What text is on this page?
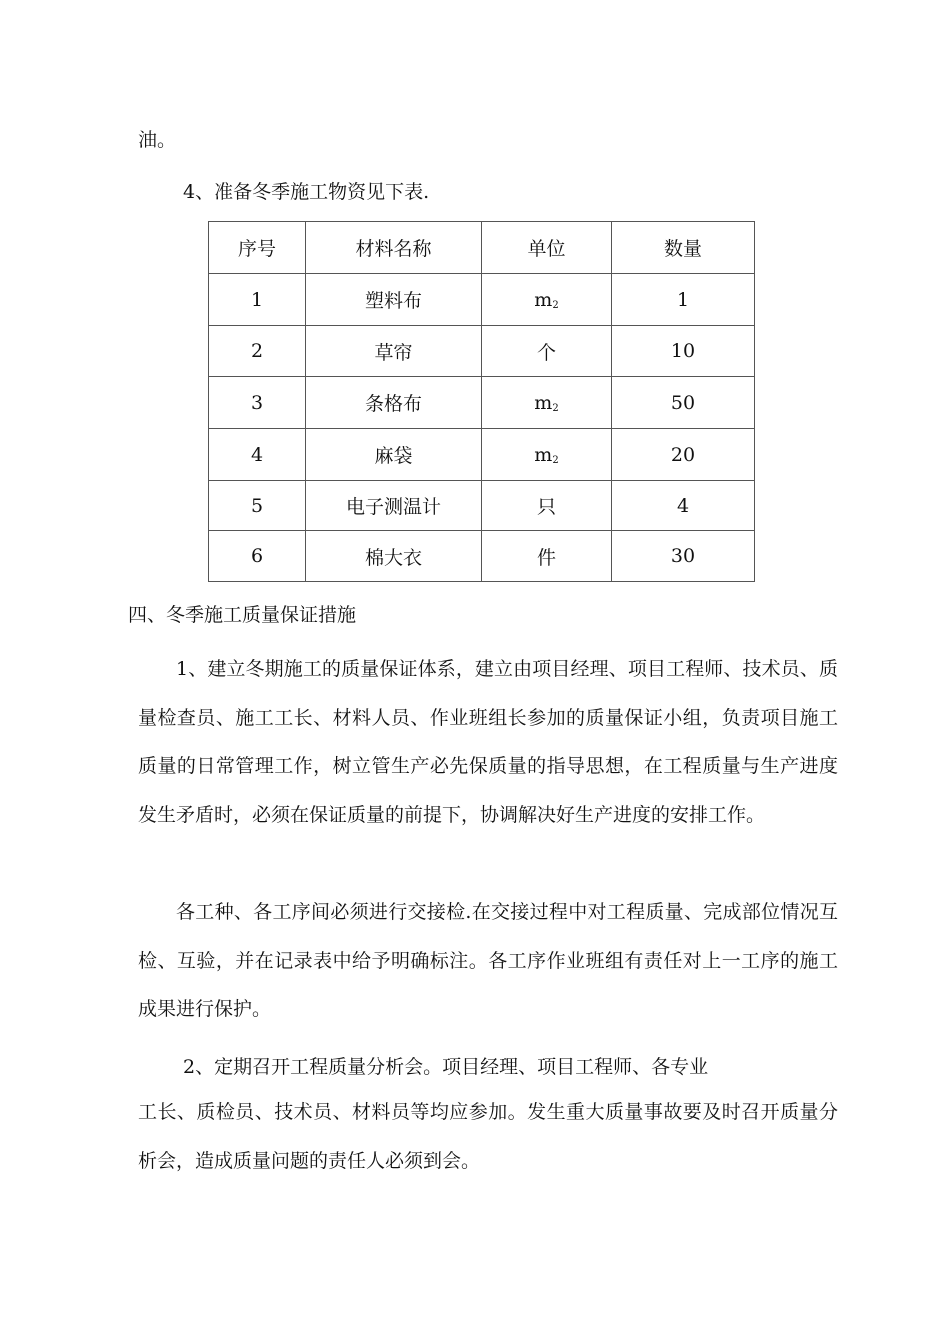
油。
4、准备冬季施工物资见下表.
序号	材料名称	单位	数量
1	塑料布	$m_2$	1
2	草帘	个	10
3	条格布	$m_2$	50
4	麻袋	$m_2$	20
5	电子测温计	只	4
6	棉大衣	件	30
四、冬季施工质量保证措施
1、建立冬期施工的质量保证体系，建立由项目经理、项目工程师、技术员、质量检查员、施工工长、材料人员、作业班组长参加的质量保证小组，负责项目施工质量的日常管理工作，树立管生产必先保质量的指导思想，在工程质量与生产进度发生矛盾时，必须在保证质量的前提下，协调解决好生产进度的安排工作。
各工种、各工序间必须进行交接检.在交接过程中对工程质量、完成部位情况互检、互验，并在记录表中给予明确标注。各工序作业班组有责任对上一工序的施工成果进行保护。
2、定期召开工程质量分析会。项目经理、项目工程师、各专业
工长、质检员、技术员、材料员等均应参加。发生重大质量事故要及时召开质量分析会，造成质量问题的责任人必须到会。
